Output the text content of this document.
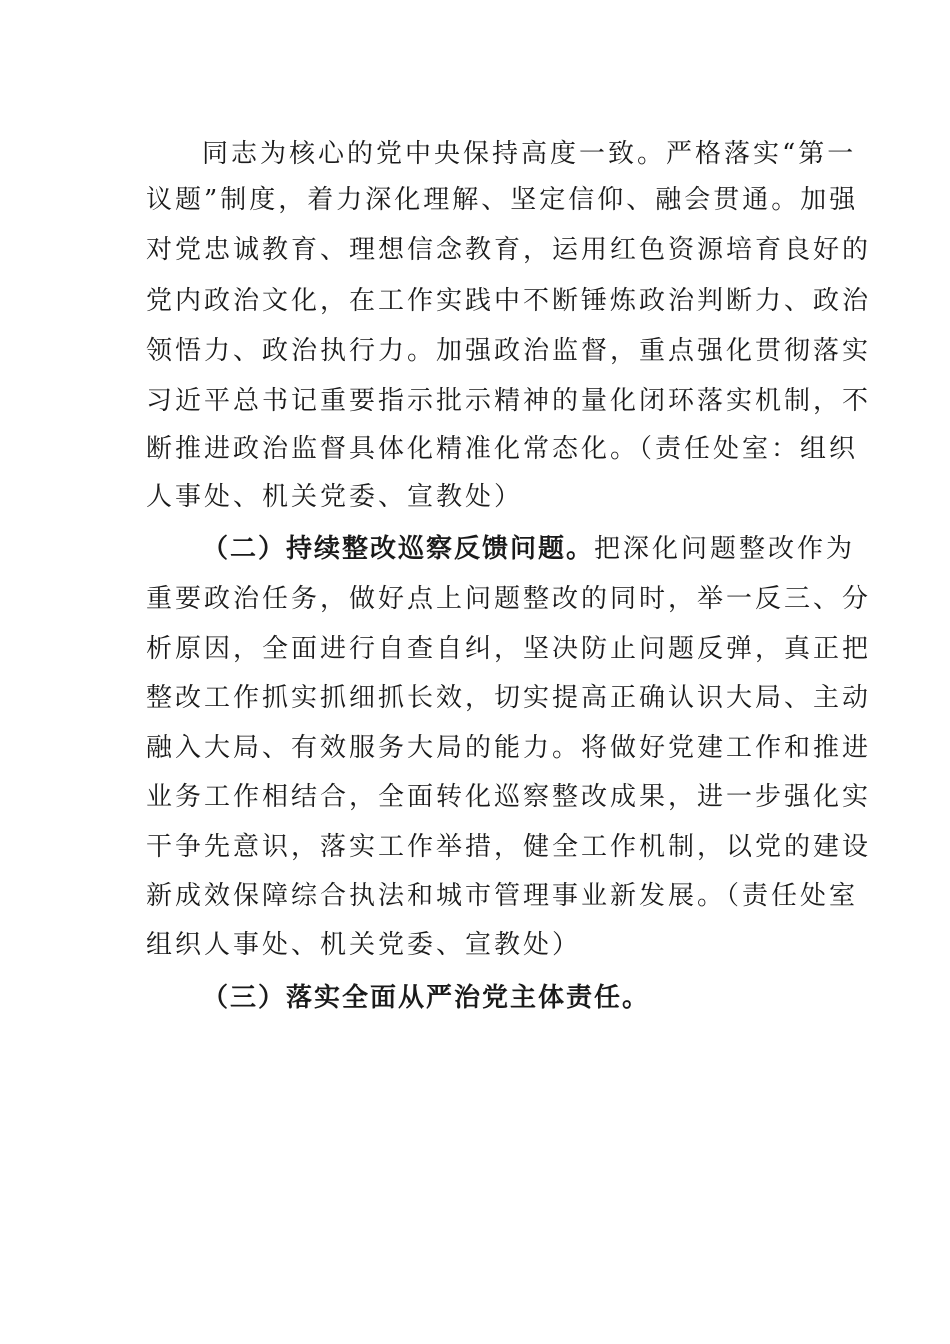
同志为核心的党中央保持高度一致。严格落实“第一
议题”制度，着力深化理解、坚定信仰、融会贯通。加强
对党忠诚教育、理想信念教育，运用红色资源培育良好的
党内政治文化，在工作实践中不断锤炼政治判断力、政治
领悟力、政治执行力。加强政治监督，重点强化贯彻落实
习近平总书记重要指示批示精神的量化闭环落实机制，不
断推进政治监督具体化精准化常态化。（责任处室：组织
人事处、机关党委、宣教处）
（二）持续整改巡察反馈问题。把深化问题整改作为
重要政治任务，做好点上问题整改的同时，举一反三、分
析原因，全面进行自查自纠，坚决防止问题反弹，真正把
整改工作抓实抓细抓长效，切实提高正确认识大局、主动
融入大局、有效服务大局的能力。将做好党建工作和推进
业务工作相结合，全面转化巡察整改成果，进一步强化实
干争先意识，落实工作举措，健全工作机制，以党的建设
新成效保障综合执法和城市管理事业新发展。（责任处室
组织人事处、机关党委、宣教处）
（三）落实全面从严治党主体责任。
